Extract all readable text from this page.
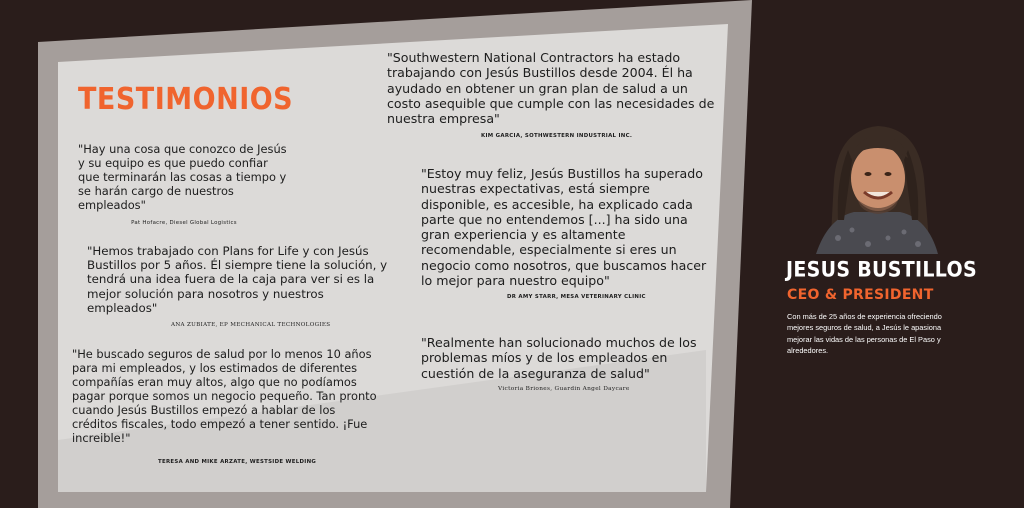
TESTIMONIOS

"Southwestern National Contractors ha estado trabajando con Jesús Bustillos desde 2004. Él ha ayudado en obtener un gran plan de salud a un costo asequible que cumple con las necesidades de nuestra empresa"

KIM GARCIA, SOTHWESTERN INDUSTRIAL INC.

"Hay una cosa que conozco de Jesús y su equipo es que puedo confiar que terminarán las cosas a tiempo y se harán cargo de nuestros empleados"

Pat Hofacre, Diesel Global Logistics

"Estoy muy feliz, Jesús Bustillos ha superado nuestras expectativas, está siempre disponible, es accesible, ha explicado cada parte que no entendemos [...] ha sido una gran experiencia y es altamente recomendable, especialmente si eres un negocio como nosotros, que buscamos hacer lo mejor para nuestro equipo"

DR AMY STARR, MESA VETERINARY CLINIC

"Hemos trabajado con Plans for Life y con Jesús Bustillos por 5 años. Él siempre tiene la solución, y tendrá una idea fuera de la caja para ver si es la mejor solución para nosotros y nuestros empleados"

ANA ZUBIATE, EP MECHANICAL TECHNOLOGIES

"He buscado seguros de salud por lo menos 10 años para mi empleados, y los estimados de diferentes compañías eran muy altos, algo que no podíamos pagar porque somos un negocio pequeño. Tan pronto cuando Jesús Bustillos empezó a hablar de los créditos fiscales, todo empezó a tener sentido. ¡Fue increible!"

TERESA AND MIKE ARZATE, WESTSIDE WELDING

"Realmente han solucionado muchos de los problemas míos y de los empleados en cuestión de la aseguranza de salud"

Victoria Briones, Guardin Angel Daycare

JESUS BUSTILLOS
CEO & PRESIDENT

Con más de 25 años de experiencia ofreciendo mejores seguros de salud, a Jesús le apasiona mejorar las vidas de las personas de El Paso y alrededores.
